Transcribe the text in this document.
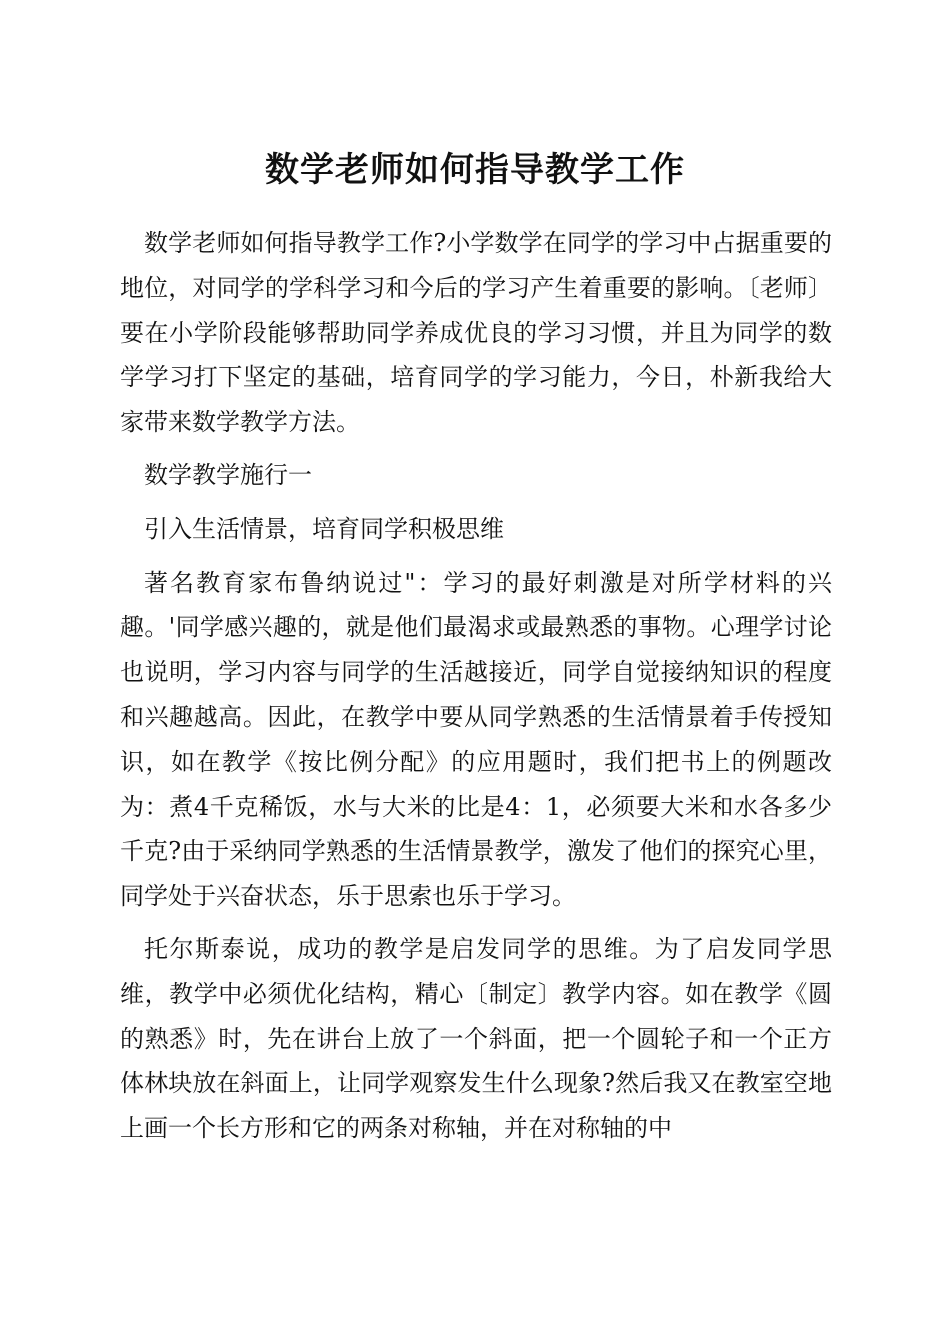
数学老师如何指导教学工作

数学老师如何指导教学工作?小学数学在同学的学习中占据重要的地位，对同学的学科学习和今后的学习产生着重要的影响。〔老师〕要在小学阶段能够帮助同学养成优良的学习习惯，并且为同学的数学学习打下坚定的基础，培育同学的学习能力，今日，朴新我给大家带来数学教学方法。

数学教学施行一

引入生活情景，培育同学积极思维

著名教育家布鲁纳说过"：学习的最好刺激是对所学材料的兴趣。'同学感兴趣的，就是他们最渴求或最熟悉的事物。心理学讨论也说明，学习内容与同学的生活越接近，同学自觉接纳知识的程度和兴趣越高。因此，在教学中要从同学熟悉的生活情景着手传授知识，如在教学《按比例分配》的应用题时，我们把书上的例题改为：煮4千克稀饭，水与大米的比是4：1，必须要大米和水各多少千克?由于采纳同学熟悉的生活情景教学，激发了他们的探究心里，同学处于兴奋状态，乐于思索也乐于学习。

托尔斯泰说，成功的教学是启发同学的思维。为了启发同学思维，教学中必须优化结构，精心〔制定〕教学内容。如在教学《圆的熟悉》时，先在讲台上放了一个斜面，把一个圆轮子和一个正方体林块放在斜面上，让同学观察发生什么现象?然后我又在教室空地上画一个长方形和它的两条对称轴，并在对称轴的中
